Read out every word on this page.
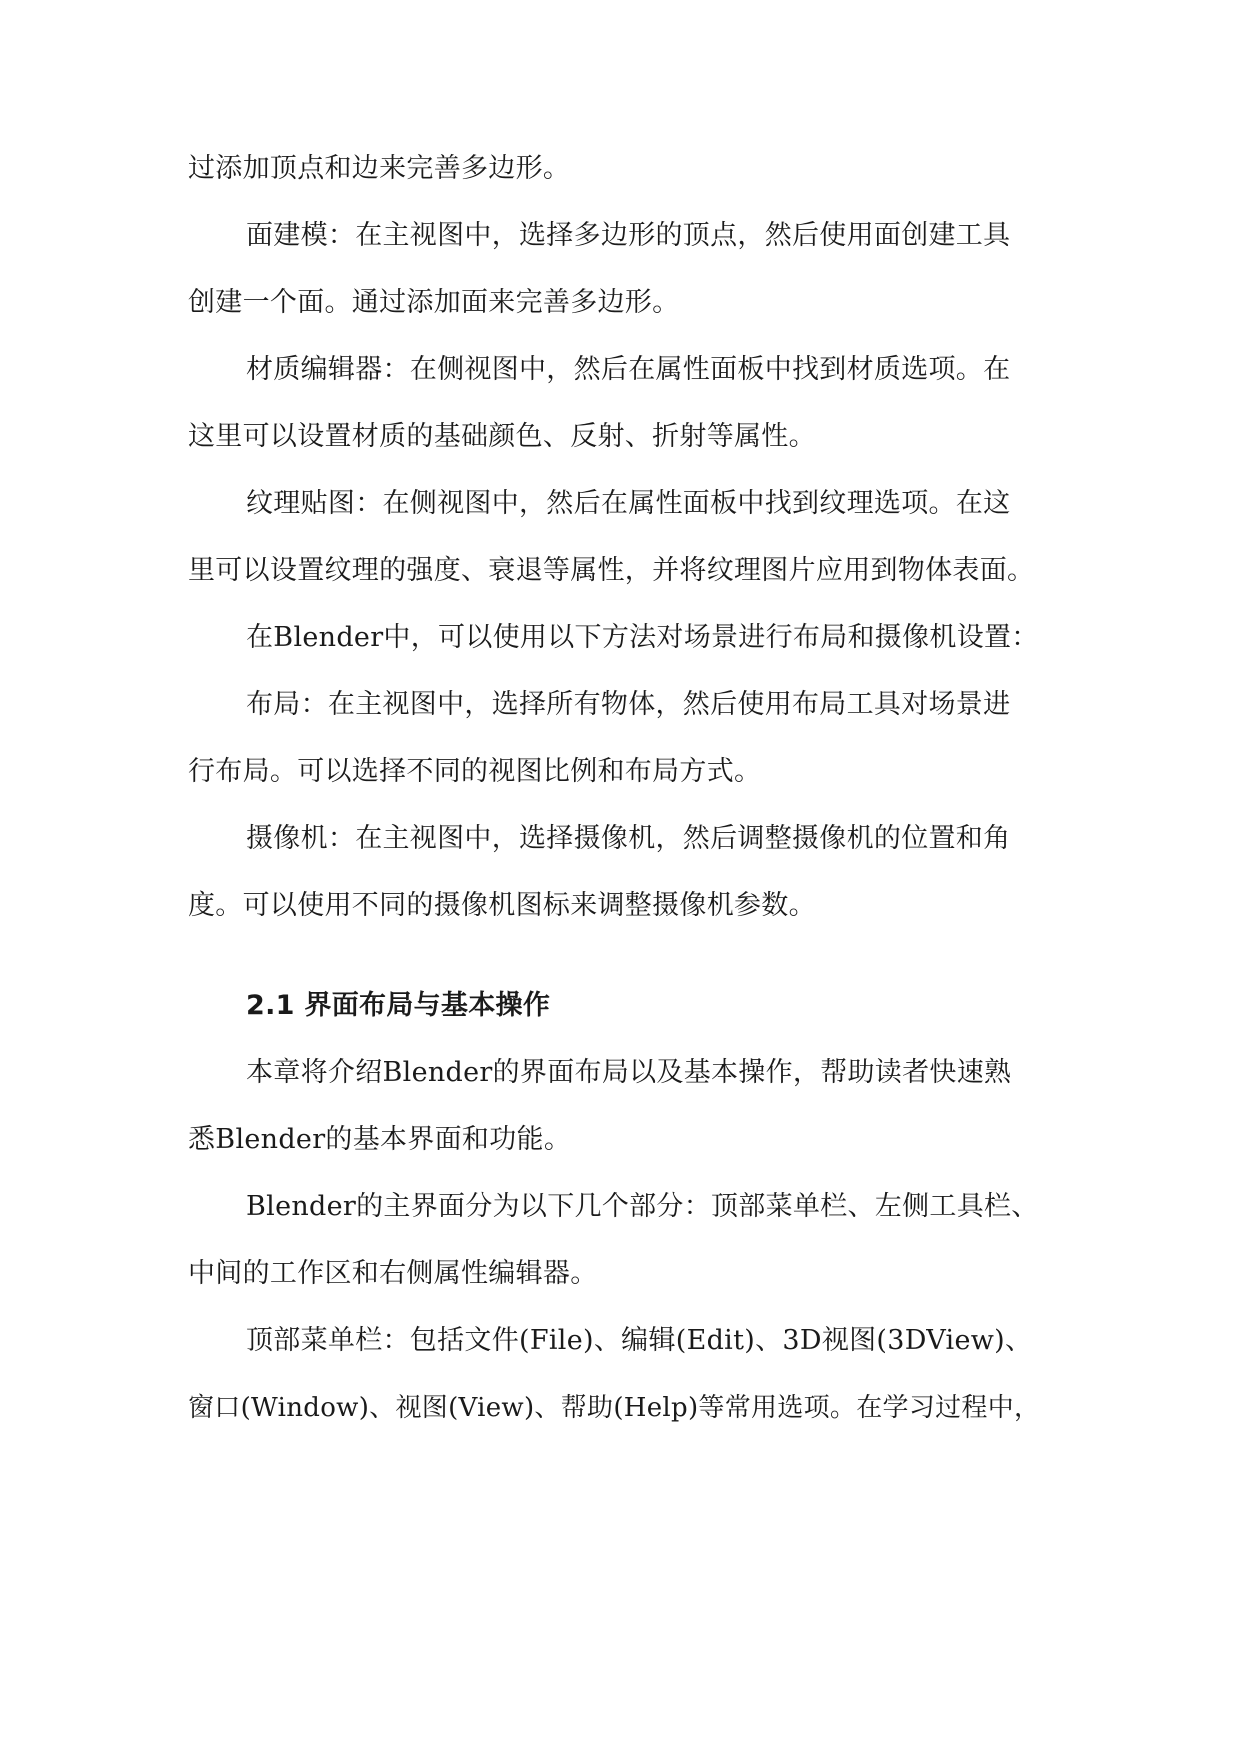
过添加顶点和边来完善多边形。
面建模：在主视图中，选择多边形的顶点，然后使用面创建工具
创建一个面。通过添加面来完善多边形。
材质编辑器：在侧视图中，然后在属性面板中找到材质选项。在
这里可以设置材质的基础颜色、反射、折射等属性。
纹理贴图：在侧视图中，然后在属性面板中找到纹理选项。在这
里可以设置纹理的强度、衰退等属性，并将纹理图片应用到物体表面。
在Blender中，可以使用以下方法对场景进行布局和摄像机设置：
布局：在主视图中，选择所有物体，然后使用布局工具对场景进
行布局。可以选择不同的视图比例和布局方式。
摄像机：在主视图中，选择摄像机，然后调整摄像机的位置和角
度。可以使用不同的摄像机图标来调整摄像机参数。
2.1 界面布局与基本操作
本章将介绍Blender的界面布局以及基本操作，帮助读者快速熟
悉Blender的基本界面和功能。
Blender的主界面分为以下几个部分：顶部菜单栏、左侧工具栏、
中间的工作区和右侧属性编辑器。
顶部菜单栏：包括文件(File)、编辑(Edit)、3D视图(3DView)、
窗口(Window)、视图(View)、帮助(Help)等常用选项。在学习过程中，
